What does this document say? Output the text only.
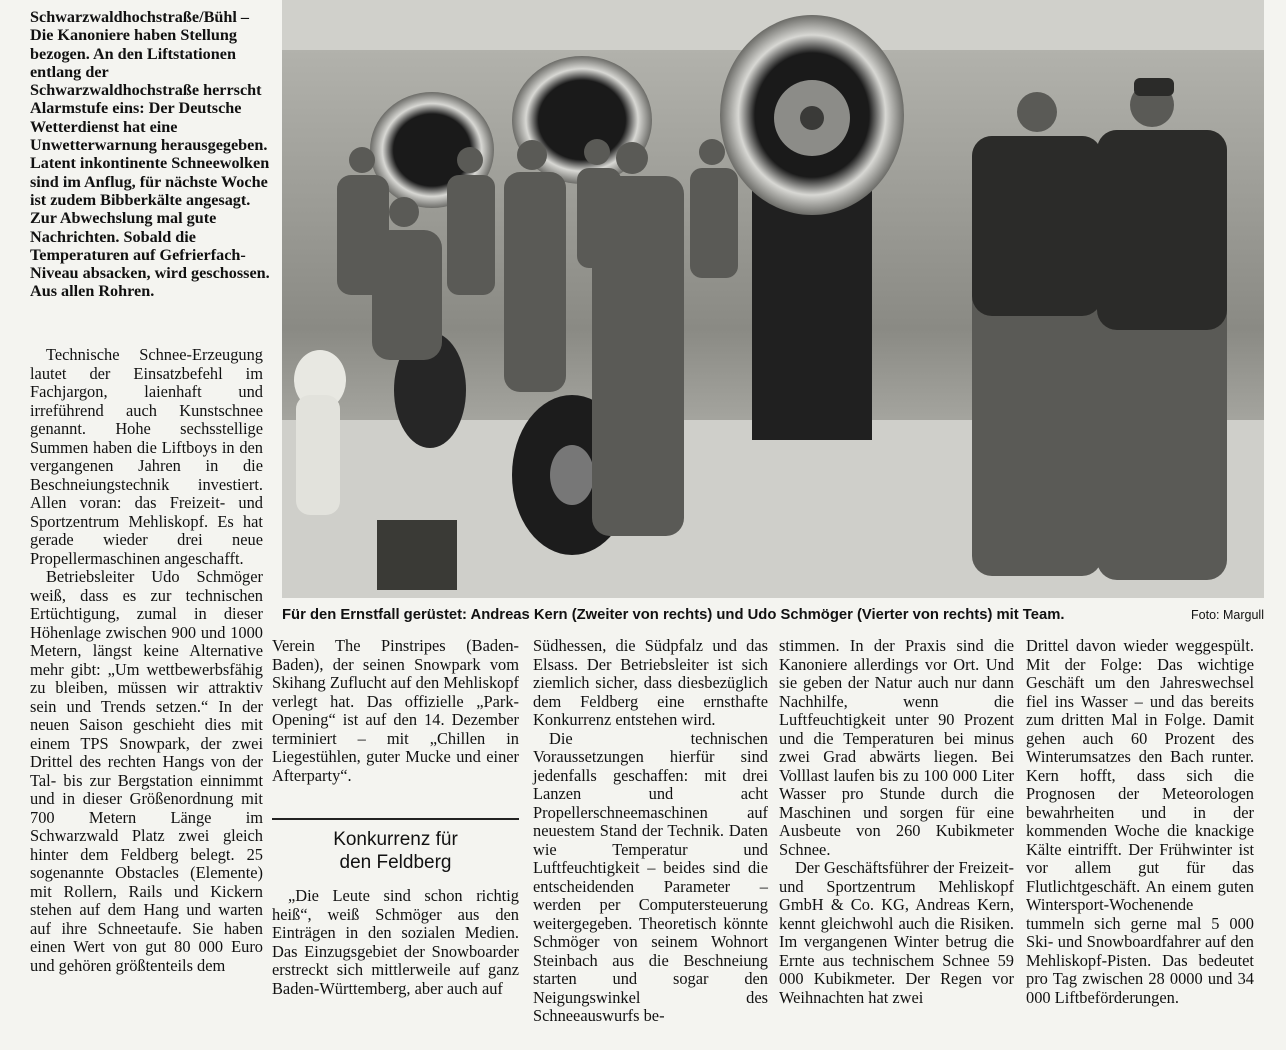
Schwarzwaldhochstraße/Bühl – Die Kanoniere haben Stellung bezogen. An den Liftstationen entlang der Schwarzwaldhochstraße herrscht Alarmstufe eins: Der Deutsche Wetterdienst hat eine Unwetterwarnung herausgegeben. Latent inkontinente Schneewolken sind im Anflug, für nächste Woche ist zudem Bibberkälte angesagt. Zur Abwechslung mal gute Nachrichten. Sobald die Temperaturen auf Gefrierfach-Niveau absacken, wird geschossen. Aus allen Rohren.

Technische Schnee-Erzeugung lautet der Einsatzbefehl im Fachjargon, laienhaft und irreführend auch Kunstschnee genannt. Hohe sechsstellige Summen haben die Liftboys in den vergangenen Jahren in die Beschneiungstechnik investiert. Allen voran: das Freizeit- und Sportzentrum Mehliskopf. Es hat gerade wieder drei neue Propellermaschinen angeschafft.

Betriebsleiter Udo Schmöger weiß, dass es zur technischen Ertüchtigung, zumal in dieser Höhenlage zwischen 900 und 1000 Metern, längst keine Alternative mehr gibt: „Um wettbewerbsfähig zu bleiben, müssen wir attraktiv sein und Trends setzen.“ In der neuen Saison geschieht dies mit einem TPS Snowpark, der zwei Drittel des rechten Hangs von der Tal- bis zur Bergstation einnimmt und in dieser Größenordnung mit 700 Metern Länge im Schwarzwald Platz zwei gleich hinter dem Feldberg belegt. 25 sogenannte Obstacles (Elemente) mit Rollern, Rails und Kickern stehen auf dem Hang und warten auf ihre Schneetaufe. Sie haben einen Wert von gut 80 000 Euro und gehören größtenteils dem

Für den Ernstfall gerüstet: Andreas Kern (Zweiter von rechts) und Udo Schmöger (Vierter von rechts) mit Team.	Foto: Margull

Verein The Pinstripes (Baden-Baden), der seinen Snowpark vom Skihang Zuflucht auf den Mehliskopf verlegt hat. Das offizielle „Park-Opening“ ist auf den 14. Dezember terminiert – mit „Chillen in Liegestühlen, guter Mucke und einer Afterparty“.

Konkurrenz für
den Feldberg

„Die Leute sind schon richtig heiß“, weiß Schmöger aus den Einträgen in den sozialen Medien. Das Einzugsgebiet der Snowboarder erstreckt sich mittlerweile auf ganz Baden-Württemberg, aber auch auf

Südhessen, die Südpfalz und das Elsass. Der Betriebsleiter ist sich ziemlich sicher, dass diesbezüglich dem Feldberg eine ernsthafte Konkurrenz entstehen wird.

Die technischen Voraussetzungen hierfür sind jedenfalls geschaffen: mit drei Lanzen und acht Propellerschneemaschinen auf neuestem Stand der Technik. Daten wie Temperatur und Luftfeuchtigkeit – beides sind die entscheidenden Parameter – werden per Computersteuerung weitergegeben. Theoretisch könnte Schmöger von seinem Wohnort Steinbach aus die Beschneiung starten und sogar den Neigungswinkel des Schneeauswurfs be-

stimmen. In der Praxis sind die Kanoniere allerdings vor Ort. Und sie geben der Natur auch nur dann Nachhilfe, wenn die Luftfeuchtigkeit unter 90 Prozent und die Temperaturen bei minus zwei Grad abwärts liegen. Bei Volllast laufen bis zu 100 000 Liter Wasser pro Stunde durch die Maschinen und sorgen für eine Ausbeute von 260 Kubikmeter Schnee.

Der Geschäftsführer der Freizeit- und Sportzentrum Mehliskopf GmbH & Co. KG, Andreas Kern, kennt gleichwohl auch die Risiken. Im vergangenen Winter betrug die Ernte aus technischem Schnee 59 000 Kubikmeter. Der Regen vor Weihnachten hat zwei

Drittel davon wieder weggespült. Mit der Folge: Das wichtige Geschäft um den Jahreswechsel fiel ins Wasser – und das bereits zum dritten Mal in Folge. Damit gehen auch 60 Prozent des Winterumsatzes den Bach runter. Kern hofft, dass sich die Prognosen der Meteorologen bewahrheiten und in der kommenden Woche die knackige Kälte eintrifft. Der Frühwinter ist vor allem gut für das Flutlichtgeschäft. An einem guten Wintersport-Wochenende tummeln sich gerne mal 5 000 Ski- und Snowboardfahrer auf den Mehliskopf-Pisten. Das bedeutet pro Tag zwischen 28 0000 und 34 000 Liftbeförderungen.
